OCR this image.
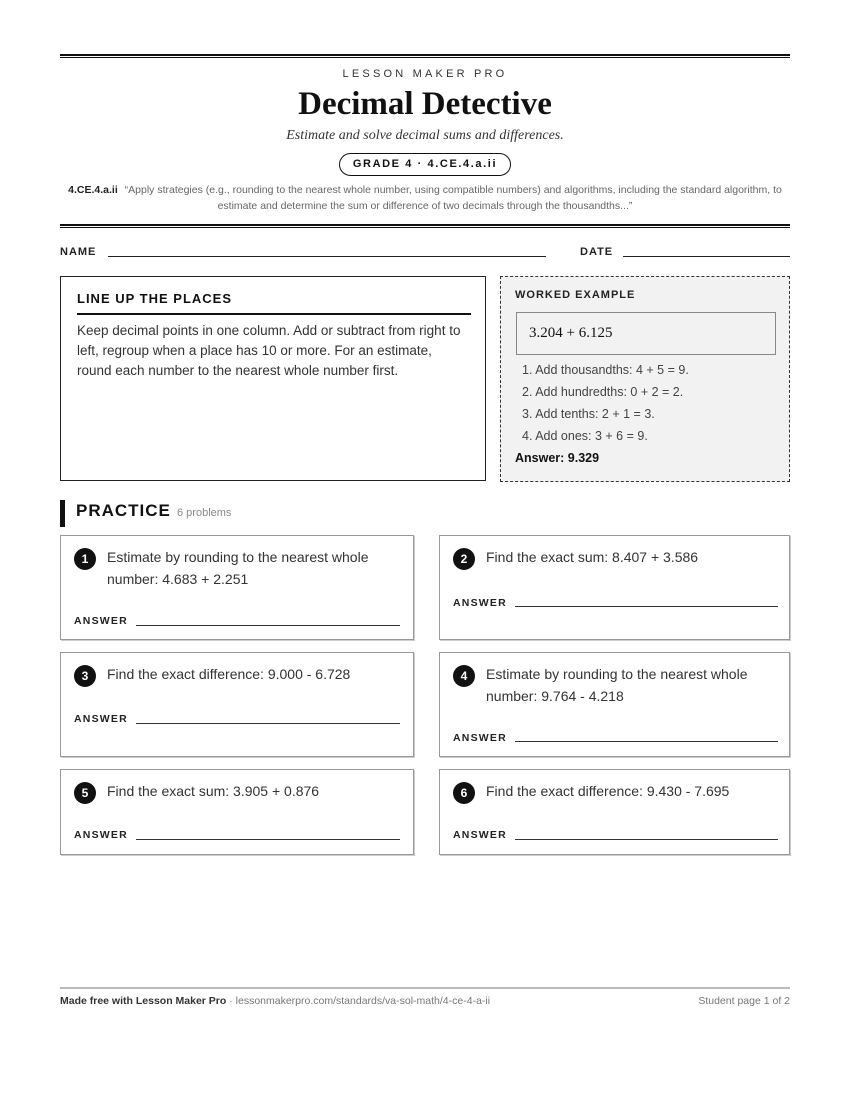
LESSON MAKER PRO
Decimal Detective
Estimate and solve decimal sums and differences.
GRADE 4 · 4.CE.4.a.ii
4.CE.4.a.ii “Apply strategies (e.g., rounding to the nearest whole number, using compatible numbers) and algorithms, including the standard algorithm, to estimate and determine the sum or difference of two decimals through the thousandths...”
NAME	DATE
LINE UP THE PLACES
Keep decimal points in one column. Add or subtract from right to left, regroup when a place has 10 or more. For an estimate, round each number to the nearest whole number first.
WORKED EXAMPLE
3.204 + 6.125
1. Add thousandths: 4 + 5 = 9.
2. Add hundredths: 0 + 2 = 2.
3. Add tenths: 2 + 1 = 3.
4. Add ones: 3 + 6 = 9.
Answer: 9.329
PRACTICE 6 problems
1	Estimate by rounding to the nearest whole
number: 4.683 + 2.251
ANSWER
2	Find the exact sum: 8.407 + 3.586
ANSWER
3	Find the exact difference: 9.000 - 6.728
ANSWER
4	Estimate by rounding to the nearest whole
number: 9.764 - 4.218
ANSWER
5	Find the exact sum: 3.905 + 0.876
ANSWER
6	Find the exact difference: 9.430 - 7.695
ANSWER
Made free with Lesson Maker Pro · lessonmakerpro.com/standards/va-sol-math/4-ce-4-a-ii	Student page 1 of 2
